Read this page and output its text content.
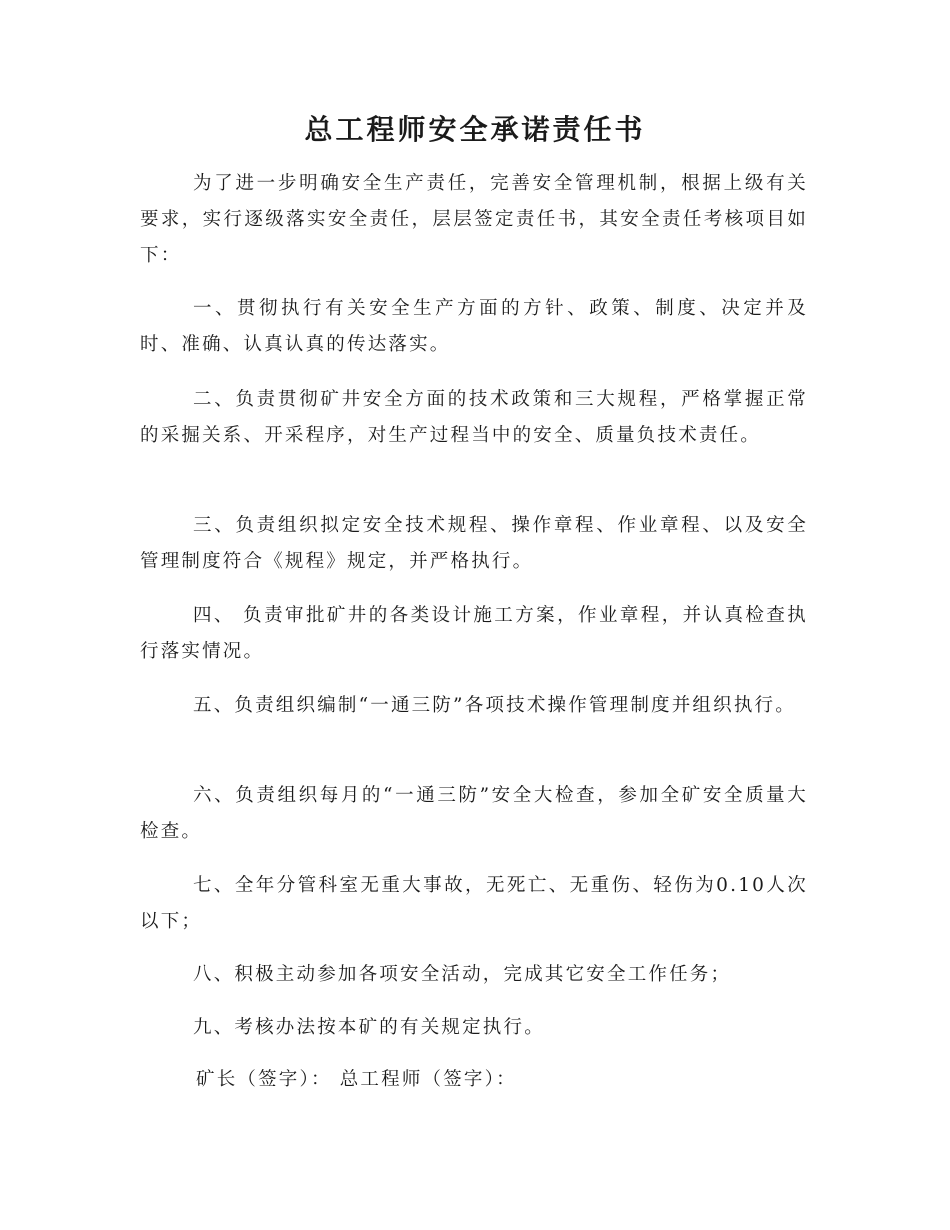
总工程师安全承诺责任书

为了进一步明确安全生产责任，完善安全管理机制，根据上级有关要求，实行逐级落实安全责任，层层签定责任书，其安全责任考核项目如下：

一、贯彻执行有关安全生产方面的方针、政策、制度、决定并及时、准确、认真认真的传达落实。

二、负责贯彻矿井安全方面的技术政策和三大规程，严格掌握正常的采掘关系、开采程序，对生产过程当中的安全、质量负技术责任。

三、负责组织拟定安全技术规程、操作章程、作业章程、以及安全管理制度符合《规程》规定，并严格执行。

四、 负责审批矿井的各类设计施工方案，作业章程，并认真检查执行落实情况。

五、负责组织编制“一通三防”各项技术操作管理制度并组织执行。

六、负责组织每月的“一通三防”安全大检查，参加全矿安全质量大检查。

七、全年分管科室无重大事故，无死亡、无重伤、轻伤为0.10人次以下；

八、积极主动参加各项安全活动，完成其它安全工作任务；

九、考核办法按本矿的有关规定执行。

矿长（签字）： 总工程师（签字）：
